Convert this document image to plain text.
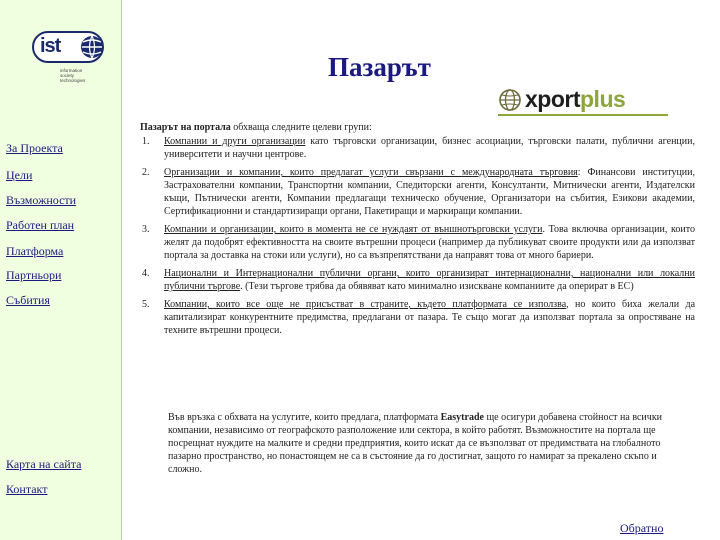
ist
information society technologies
За Проекта
Цели
Възможности
Работен план
Платформа
Партньори
Събития
Карта на сайта
Контакт
Пазарът
xportplus

Пазарът на портала обхваща следните целеви групи:

1. Компании и други организации като търговски организации, бизнес асоциации, търговски палати, публични агенции, университети и научни центрове.
2. Организации и компании, които предлагат услуги свързани с международната търговия: Финансови институции, Застрахователни компании, Транспортни компании, Спедиторски агенти, Консултанти, Митнически агенти, Издателски къщи, Пътнически агенти, Компании предлагащи техническо обучение, Организатори на събития, Езикови академии, Сертификационни и стандартизиращи органи, Пакетиращи и маркиращи компании.
3. Компании и организации, които в момента не се нуждаят от външнотърговски услуги. Това включва организации, които желят да подобрят ефективността на своите вътрешни процеси (например да публикуват своите продукти или да използват портала за доставка на стоки или услуги), но са възпрепятствани да направят това от много бариери.
4. Национални и Интернационални публични органи, които организират интернационални, национални или локални публични търгове. (Тези търгове трябва да обявяват като минимално изискване компаниите да оперират в ЕС)
5. Компании, които все още не присъстват в страните, където платформата се използва, но които биха желали да капитализират конкурентните предимства, предлагани от пазара. Те също могат да използват портала за опростяване на техните вътрешни процеси.

Във връзка с обхвата на услугите, които предлага, платформата Easytrade ще осигури добавена стойност на всички компании, независимо от географското разположение или сектора, в който работят. Възможностите на портала ще посрещнат нуждите на малките и средни предприятия, които искат да се възползват от предимствата на глобалното пазарно пространство, но понастоящем не са в състояние да го достигнат, защото го намират за прекалено скъпо и сложно.

Обратно
